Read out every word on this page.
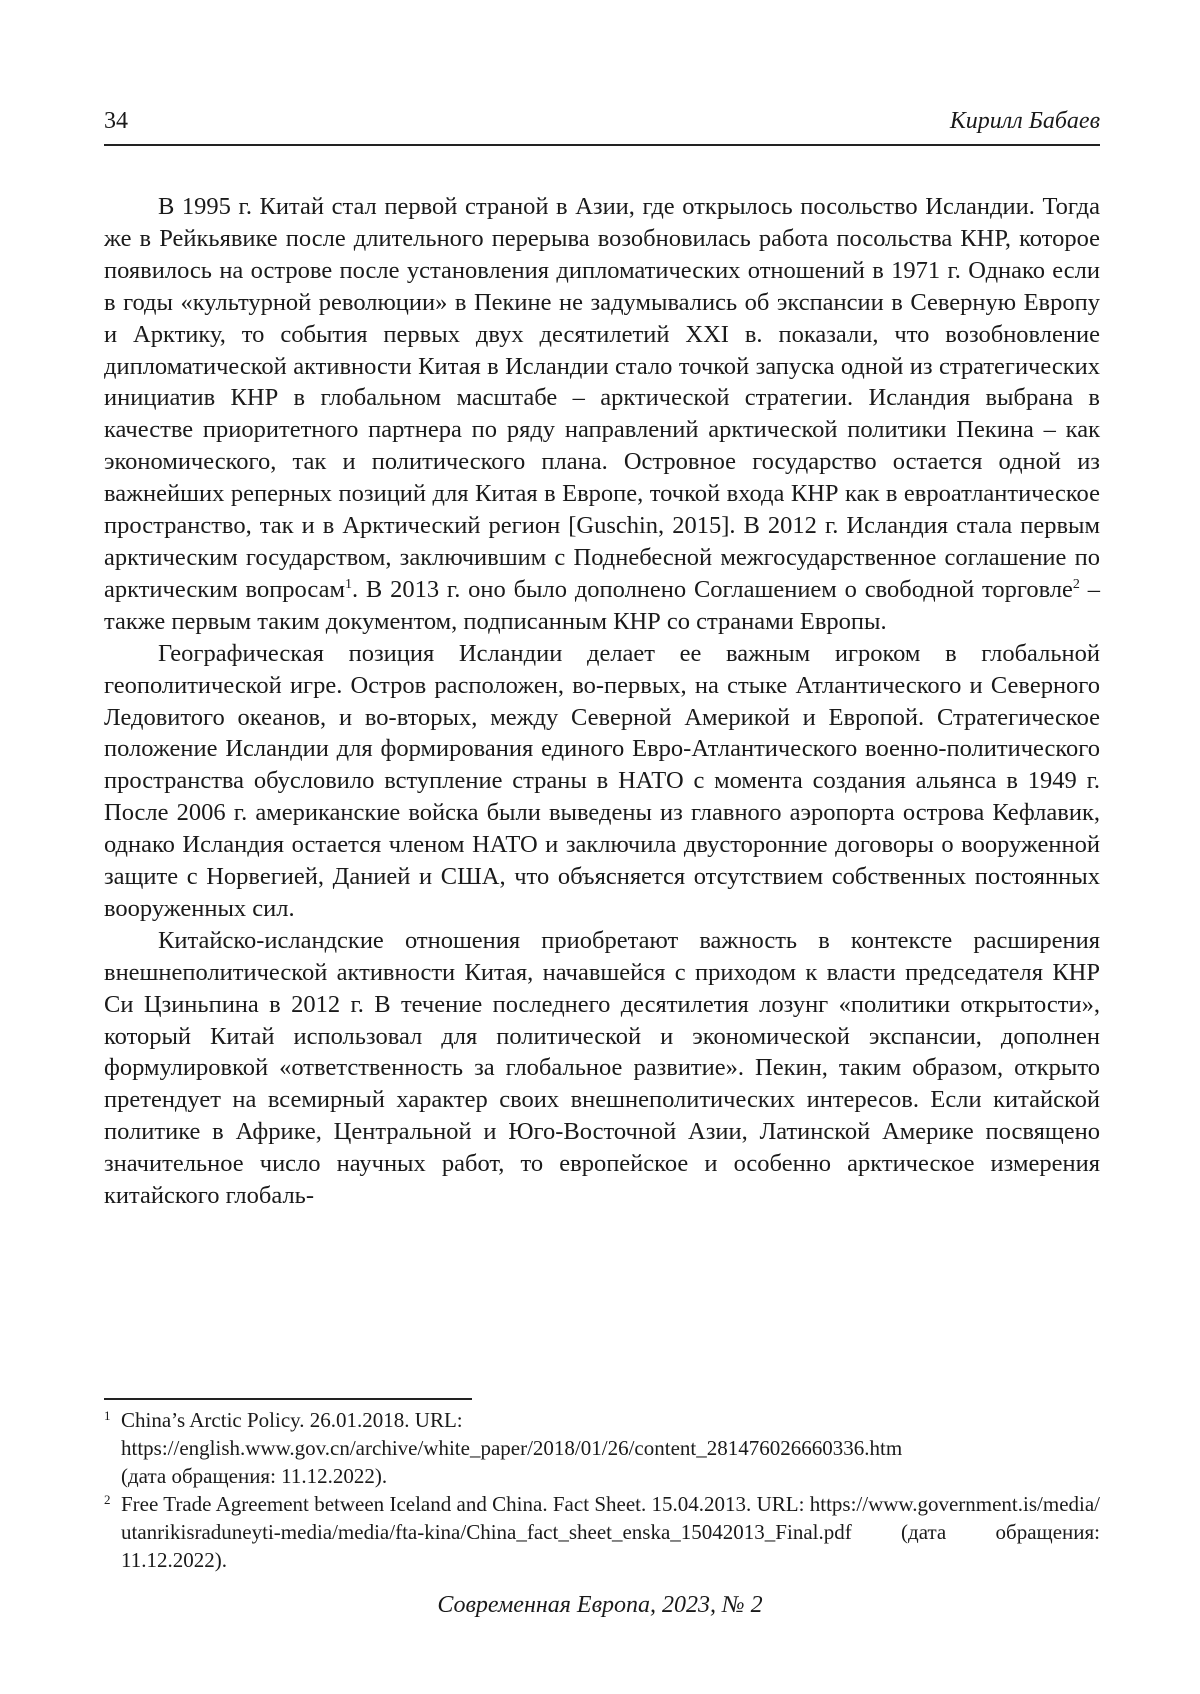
34	Кирилл Бабаев

В 1995 г. Китай стал первой страной в Азии, где открылось посольство Исландии. Тогда же в Рейкьявике после длительного перерыва возобновилась работа посольства КНР, которое появилось на острове после установления дипломатических отношений в 1971 г. Однако если в годы «культурной революции» в Пекине не задумывались об экспансии в Северную Европу и Арктику, то события первых двух десятилетий XXI в. показали, что возобновление дипломатической активности Китая в Исландии стало точкой запуска одной из стратегических инициатив КНР в глобальном масштабе – арктической стратегии. Исландия выбрана в качестве приоритетного партнера по ряду направлений арктической политики Пекина – как экономического, так и политического плана. Островное государство остается одной из важнейших реперных позиций для Китая в Европе, точкой входа КНР как в евроатлантическое пространство, так и в Арктический регион [Guschin, 2015]. В 2012 г. Исландия стала первым арктическим государством, заключившим с Поднебесной межгосударственное соглашение по арктическим вопросам$^1$. В 2013 г. оно было дополнено Соглашением о свободной торговле$^2$ – также первым таким документом, подписанным КНР со странами Европы.

Географическая позиция Исландии делает ее важным игроком в глобальной геополитической игре. Остров расположен, во-первых, на стыке Атлантического и Северного Ледовитого океанов, и во-вторых, между Северной Америкой и Европой. Стратегическое положение Исландии для формирования единого Евро-Атлантического военно-политического пространства обусловило вступление страны в НАТО с момента создания альянса в 1949 г. После 2006 г. американские войска были выведены из главного аэропорта острова Кефлавик, однако Исландия остается членом НАТО и заключила двусторонние договоры о вооруженной защите с Норвегией, Данией и США, что объясняется отсутствием собственных постоянных вооруженных сил.

Китайско-исландские отношения приобретают важность в контексте расширения внешнеполитической активности Китая, начавшейся с приходом к власти председателя КНР Си Цзиньпина в 2012 г. В течение последнего десятилетия лозунг «политики открытости», который Китай использовал для политической и экономической экспансии, дополнен формулировкой «ответственность за глобальное развитие». Пекин, таким образом, открыто претендует на всемирный характер своих внешнеполитических интересов. Если китайской политике в Африке, Центральной и Юго-Восточной Азии, Латинской Америке посвящено значительное число научных работ, то европейское и особенно арктическое измерения китайского глобаль-

1 China’s Arctic Policy. 26.01.2018. URL:
https://english.www.gov.cn/archive/white_paper/2018/01/26/content_281476026660336.htm
(дата обращения: 11.12.2022).

2 Free Trade Agreement between Iceland and China. Fact Sheet. 15.04.2013. URL: https://www.government.is/media/utanrikisraduneyti-media/media/fta-kina/China_fact_sheet_enska_15042013_Final.pdf (дата обращения: 11.12.2022).

Современная Европа, 2023, № 2
